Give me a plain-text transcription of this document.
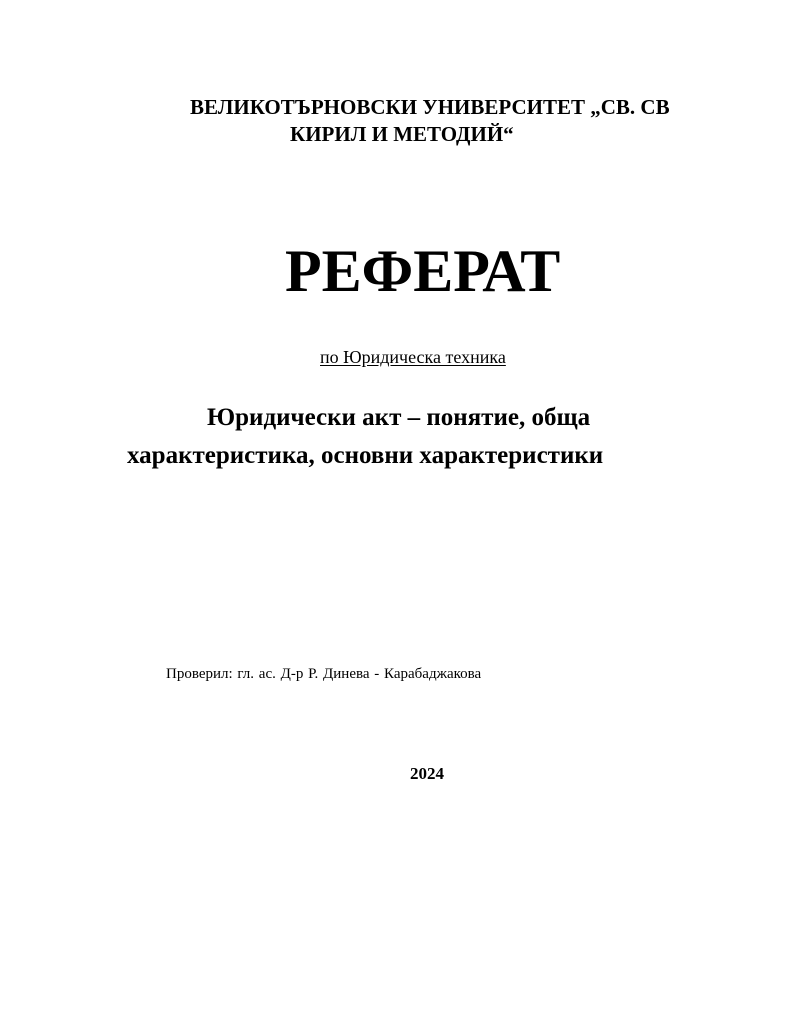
ВЕЛИКОТЪРНОВСКИ УНИВЕРСИТЕТ „СВ. СВ
КИРИЛ И МЕТОДИЙ“
РЕФЕРАТ
по Юридическа техника
Юридически акт – понятие, обща
характеристика, основни характеристики
Проверил: гл. ас. Д-р Р. Динева - Карабаджакова
2024
